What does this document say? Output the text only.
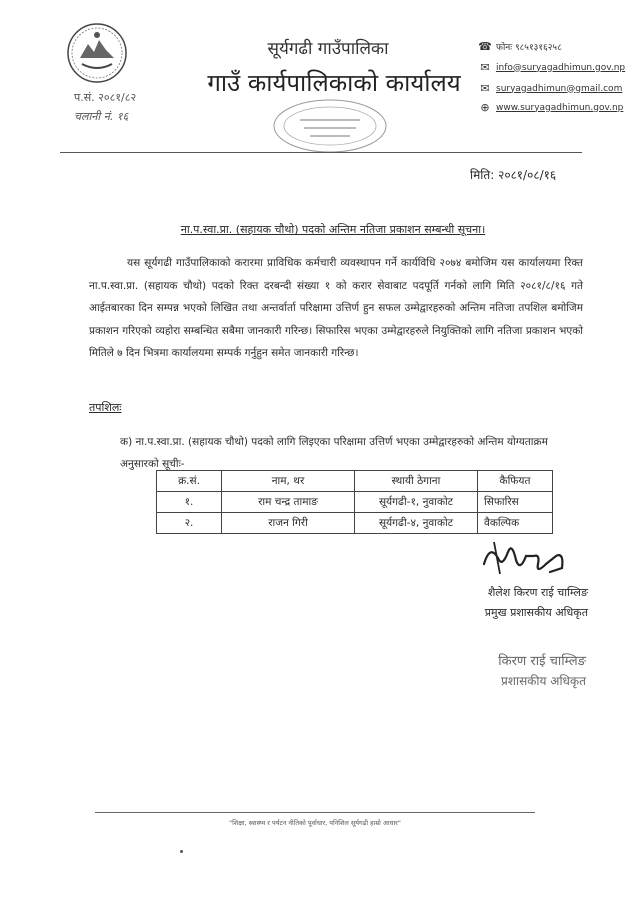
प.सं. २०८१/८२
चलानी नं. १६
सूर्यगढी गाउँपालिका
गाउँ कार्यपालिकाको कार्यालय
☎ फोनः ९८५१३१६२५८
✉ info@suryagadhimun.gov.np
✉ suryagadhimun@gmail.com
⊕ www.suryagadhimun.gov.np
मिति: २०८१/०८/१६
ना.प.स्वा.प्रा. (सहायक चौथो) पदको अन्तिम नतिजा प्रकाशन सम्बन्धी सूचना।
यस सूर्यगढी गाउँपालिकाको करारमा प्राविधिक कर्मचारी व्यवस्थापन गर्ने कार्यविधि २०७४ बमोजिम यस कार्यालयमा रिक्त ना.प.स्वा.प्रा. (सहायक चौथो) पदको रिक्त दरबन्दी संख्या १ को करार सेवाबाट पदपूर्ति गर्नको लागि मिति २०८१/८/१६ गते आईतबारका दिन सम्पन्न भएको लिखित तथा अन्तर्वार्ता परिक्षामा उत्तिर्ण हुन सफल उम्मेद्वारहरुको अन्तिम नतिजा तपशिल बमोजिम प्रकाशन गरिएको व्यहोरा सम्बन्धित सबैमा जानकारी गरिन्छ। सिफारिस भएका उम्मेद्वारहरुले नियुक्तिको लागि नतिजा प्रकाशन भएको मितिले ७ दिन भित्रमा कार्यालयमा सम्पर्क गर्नुहुन समेत जानकारी गरिन्छ।
तपशिलः
क) ना.प.स्वा.प्रा. (सहायक चौथो) पदको लागि लिइएका परिक्षामा उत्तिर्ण भएका उम्मेद्वारहरुको अन्तिम योग्यताक्रम अनुसारको सूचीः-
क्र.सं.	नाम, थर	स्थायी ठेगाना	कैफियत
१.	राम चन्द्र तामाङ	सूर्यगढी-१, नुवाकोट	सिफारिस
२.	राजन गिरी	सूर्यगढी-४, नुवाकोट	वैकल्पिक
शैलेश किरण राई चाम्लिङ
प्रमुख प्रशासकीय अधिकृत
किरण राई चाम्लिङ
प्रशासकीय अधिकृत
"शिक्षा, स्वास्थ्य र पर्यटन नीतिको पूर्वाधार, पनिशिल सूर्यगढी हाम्रो आधार"
